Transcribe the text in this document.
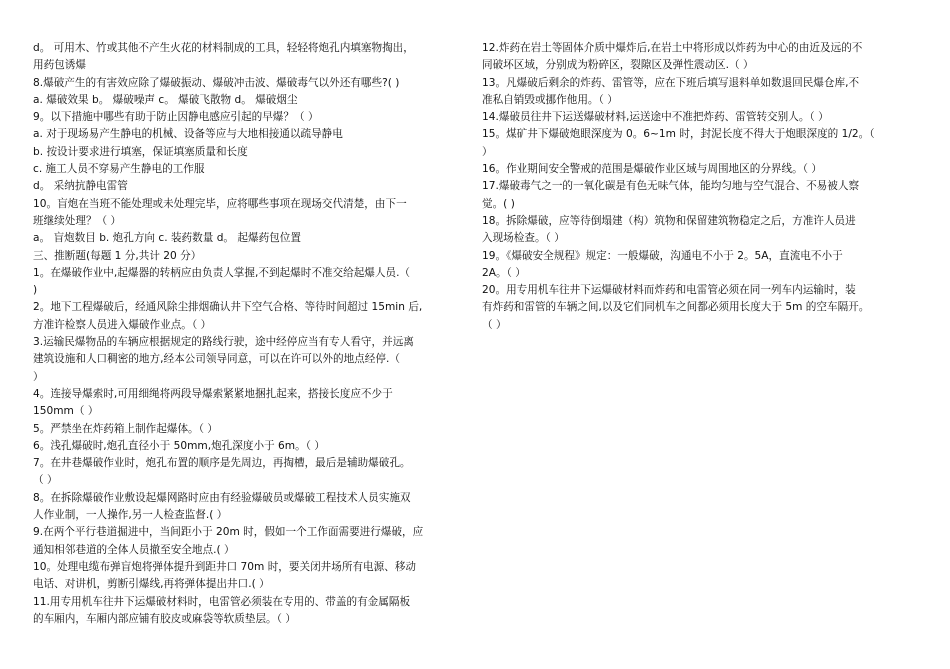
d。 可用木、竹或其他不产生火花的材料制成的工具，轻轻将炮孔内填塞物掏出，
用药包诱爆
8.爆破产生的有害效应除了爆破振动、爆破冲击波、爆破毒气以外还有哪些?( )
a. 爆破效果 b。 爆破噪声 c。 爆破飞散物 d。 爆破烟尘
9。以下措施中哪些有助于防止因静电感应引起的早爆？（ ）
a. 对于现场易产生静电的机械、设备等应与大地相接通以疏导静电
b. 按设计要求进行填塞，保证填塞质量和长度
c. 施工人员不穿易产生静电的工作服
d。 采纳抗静电雷管
10。盲炮在当班不能处理或未处理完毕，应将哪些事项在现场交代清楚，由下一
班继续处理？（ ）
a。 盲炮数目 b. 炮孔方向 c. 装药数量 d。 起爆药包位置
三、推断题(每题 1 分,共计 20 分）
1。在爆破作业中,起爆器的转柄应由负责人掌握,不到起爆时不准交给起爆人员.（
)
2。地下工程爆破后，经通风除尘排烟确认井下空气合格、等待时间超过 15min 后,
方准许检察人员进入爆破作业点。（ ）
3.运输民爆物品的车辆应根据规定的路线行驶，途中经停应当有专人看守，并远离
建筑设施和人口稠密的地方,经本公司领导同意，可以在许可以外的地点经停.（
）
4。连接导爆索时,可用细绳将两段导爆索紧紧地捆扎起来，搭接长度应不少于
150mm（ ）
5。严禁坐在炸药箱上制作起爆体。（ ）
6。浅孔爆破时,炮孔直径小于 50mm,炮孔深度小于 6m。（ ）
7。在井巷爆破作业时，炮孔布置的顺序是先周边，再掏槽，最后是辅助爆破孔。
（ ）
8。在拆除爆破作业敷设起爆网路时应由有经验爆破员或爆破工程技术人员实施双
人作业制，一人操作,另一人检查监督.( ）
9.在两个平行巷道掘进中，当间距小于 20m 时，假如一个工作面需要进行爆破，应
通知相邻巷道的全体人员撤至安全地点.( ）
10。处理电缆布弹盲炮将弹体提升到距井口 70m 时，要关闭井场所有电源、移动
电话、对讲机，剪断引爆线,再将弹体提出井口.( ）
11.用专用机车往井下运爆破材料时，电雷管必须装在专用的、带盖的有金属隔板
的车厢内，车厢内部应铺有胶皮或麻袋等软质垫层。（ ）
12.炸药在岩土等固体介质中爆炸后,在岩土中将形成以炸药为中心的由近及远的不
同破坏区域，分别成为粉碎区，裂隙区及弹性震动区.（ ）
13。凡爆破后剩余的炸药、雷管等，应在下班后填写退料单如数退回民爆仓库,不
准私自销毁或挪作他用。（ ）
14.爆破员往井下运送爆破材料,运送途中不准把炸药、雷管转交别人。（ ）
15。煤矿井下爆破炮眼深度为 0。6~1m 时，封泥长度不得大于炮眼深度的 1/2。（
）
16。作业期间安全警戒的范围是爆破作业区域与周围地区的分界线。（ ）
17.爆破毒气之一的一氧化碳是有色无味气体，能均匀地与空气混合、不易被人察
觉。( )
18。拆除爆破，应等待倒塌建（构）筑物和保留建筑物稳定之后，方准许人员进
入现场检查。（ ）
19。《爆破安全规程》规定：一般爆破，沟通电不小于 2。5A，直流电不小于
2A。（ ）
20。用专用机车往井下运爆破材料而炸药和电雷管必须在同一列车内运输时，装
有炸药和雷管的车辆之间,以及它们同机车之间都必须用长度大于 5m 的空车隔开。
（ ）
